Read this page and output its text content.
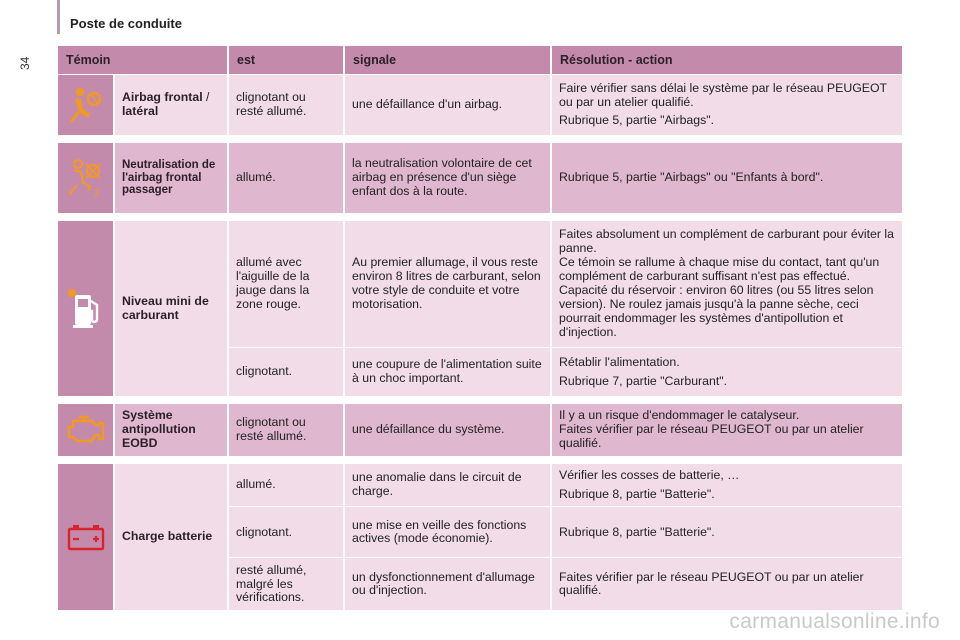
34
Poste de conduite
Témoin		est	signale	Résolution - action

	Airbag frontal / latéral	clignotant ou resté allumé.	une défaillance d'un airbag.	Faire vérifier sans délai le système par le réseau PEUGEOT ou par un atelier qualifié.

Rubrique 5, partie "Airbags".

2	Neutralisation de l'airbag frontal passager	allumé.	la neutralisation volontaire de cet airbag en présence d'un siège enfant dos à la route.	Rubrique 5, partie "Airbags" ou "Enfants à bord".

	Niveau mini de carburant	allumé avec l'aiguille de la jauge dans la zone rouge.	Au premier allumage, il vous reste environ 8 litres de carburant, selon votre style de conduite et votre motorisation.	Faites absolument un complément de carburant pour éviter la panne.
Ce témoin se rallume à chaque mise du contact, tant qu'un complément de carburant suffisant n'est pas effectué.
Capacité du réservoir : environ 60 litres (ou 55 litres selon version). Ne roulez jamais jusqu'à la panne sèche, ceci pourrait endommager les systèmes d'antipollution et d'injection.
		clignotant.	une coupure de l'alimentation suite à un choc important.	Rétablir l'alimentation.

Rubrique 7, partie "Carburant".

	Système antipollution EOBD	clignotant ou resté allumé.	une défaillance du système.	Il y a un risque d'endommager le catalyseur.
Faites vérifier par le réseau PEUGEOT ou par un atelier qualifié.

	Charge batterie	allumé.	une anomalie dans le circuit de charge.	Vérifier les cosses de batterie, …

Rubrique 8, partie "Batterie".

		clignotant.	une mise en veille des fonctions actives (mode économie).	Rubrique 8, partie "Batterie".
		resté allumé, malgré les vérifications.	un dysfonctionnement d'allumage ou d'injection.	Faites vérifier par le réseau PEUGEOT ou par un atelier qualifié.
carmanualsonline.info
